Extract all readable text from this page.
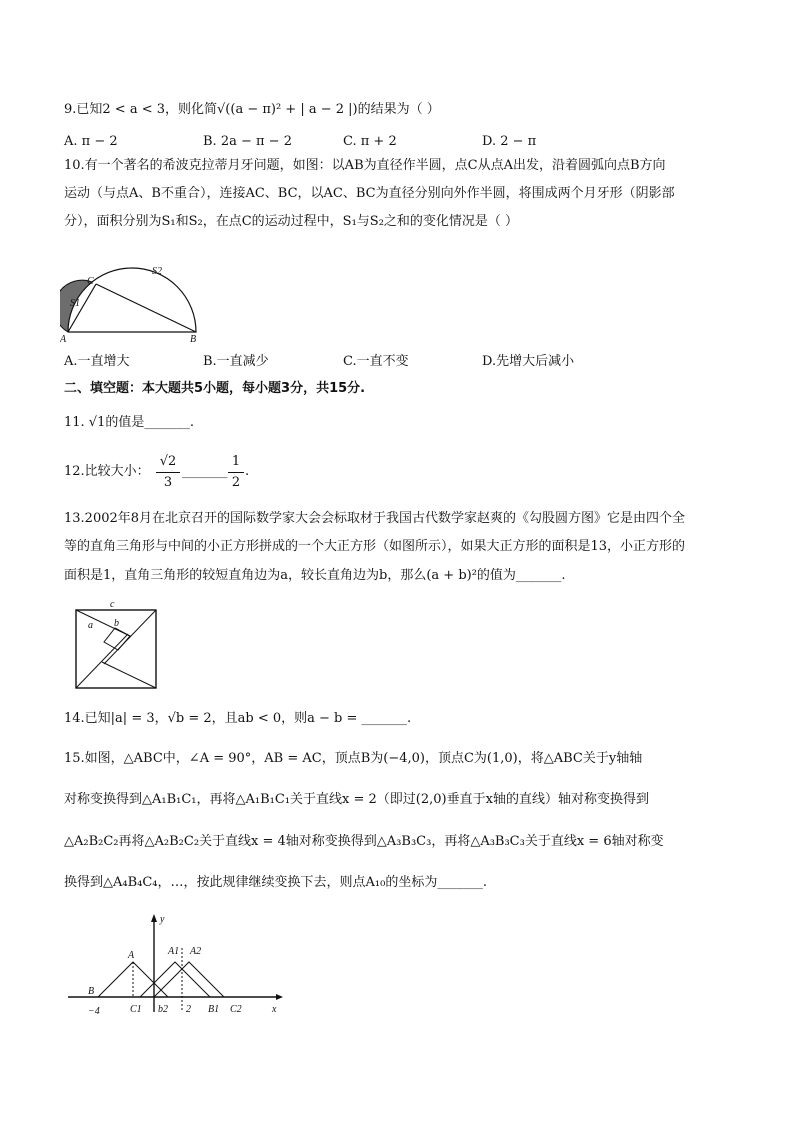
9.已知2 < a < 3，则化简√((a − π)² + | a − 2 |)的结果为（ ）
A. π − 2	B. 2a − π − 2	C. π + 2	D. 2 − π
10.有一个著名的希波克拉蒂月牙问题，如图：以AB为直径作半圆，点C从点A出发，沿着圆弧向点B方向
运动（与点A、B不重合），连接AC、BC，以AC、BC为直径分别向外作半圆，将围成两个月牙形（阴影部
分），面积分别为S₁和S₂，在点C的运动过程中，S₁与S₂之和的变化情况是（ ）
A	B
C
S1
S2
A.一直增大	B.一直减少	C.一直不变	D.先增大后减小
二、填空题：本大题共5小题，每小题3分，共15分.
11. √1的值是_______.
12.比较大小：
√2
3
_______
1
2
.
13.2002年8月在北京召开的国际数学家大会会标取材于我国古代数学家赵爽的《勾股圆方图》它是由四个全
等的直角三角形与中间的小正方形拼成的一个大正方形（如图所示），如果大正方形的面积是13，小正方形的
面积是1，直角三角形的较短直角边为a，较长直角边为b，那么(a + b)²的值为_______.
c
a b
14.已知|a| = 3，√b = 2，且ab < 0，则a − b = _______.
15.如图，△ABC中，∠A = 90°，AB = AC，顶点B为(−4,0)，顶点C为(1,0)，将△ABC关于y轴轴
对称变换得到△A₁B₁C₁，再将△A₁B₁C₁关于直线x = 2（即过(2,0)垂直于x轴的直线）轴对称变换得到
△A₂B₂C₂再将△A₂B₂C₂关于直线x = 4轴对称变换得到△A₃B₃C₃，再将△A₃B₃C₃关于直线x = 6轴对称变
换得到△A₄B₄C₄，…，按此规律继续变换下去，则点A₁₀的坐标为_______.
y
x
A	A1 A2
B
−4	C1 b2 2 B1 C2
